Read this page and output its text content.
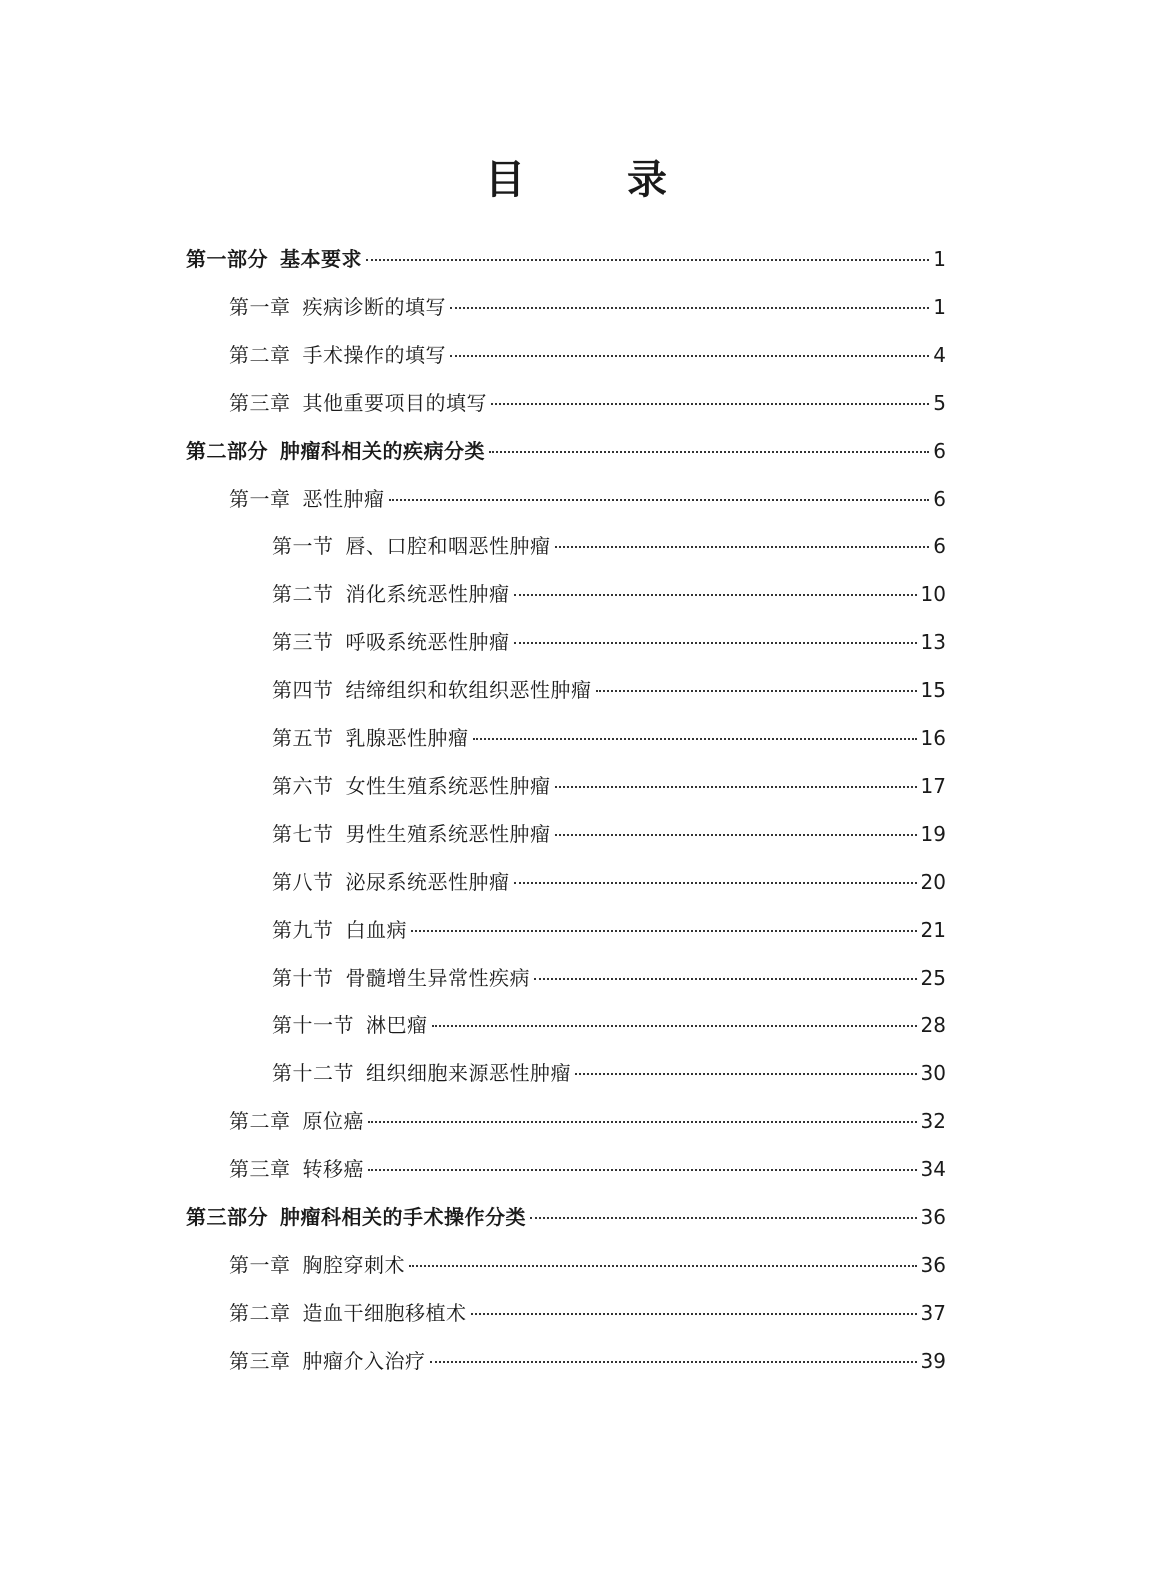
目 录
第一部分 基本要求	1
第一章 疾病诊断的填写	1
第二章 手术操作的填写	4
第三章 其他重要项目的填写	5
第二部分 肿瘤科相关的疾病分类	6
第一章 恶性肿瘤	6
第一节 唇、口腔和咽恶性肿瘤	6
第二节 消化系统恶性肿瘤	10
第三节 呼吸系统恶性肿瘤	13
第四节 结缔组织和软组织恶性肿瘤	15
第五节 乳腺恶性肿瘤	16
第六节 女性生殖系统恶性肿瘤	17
第七节 男性生殖系统恶性肿瘤	19
第八节 泌尿系统恶性肿瘤	20
第九节 白血病	21
第十节 骨髓增生异常性疾病	25
第十一节 淋巴瘤	28
第十二节 组织细胞来源恶性肿瘤	30
第二章 原位癌	32
第三章 转移癌	34
第三部分 肿瘤科相关的手术操作分类	36
第一章 胸腔穿刺术	36
第二章 造血干细胞移植术	37
第三章 肿瘤介入治疗	39
